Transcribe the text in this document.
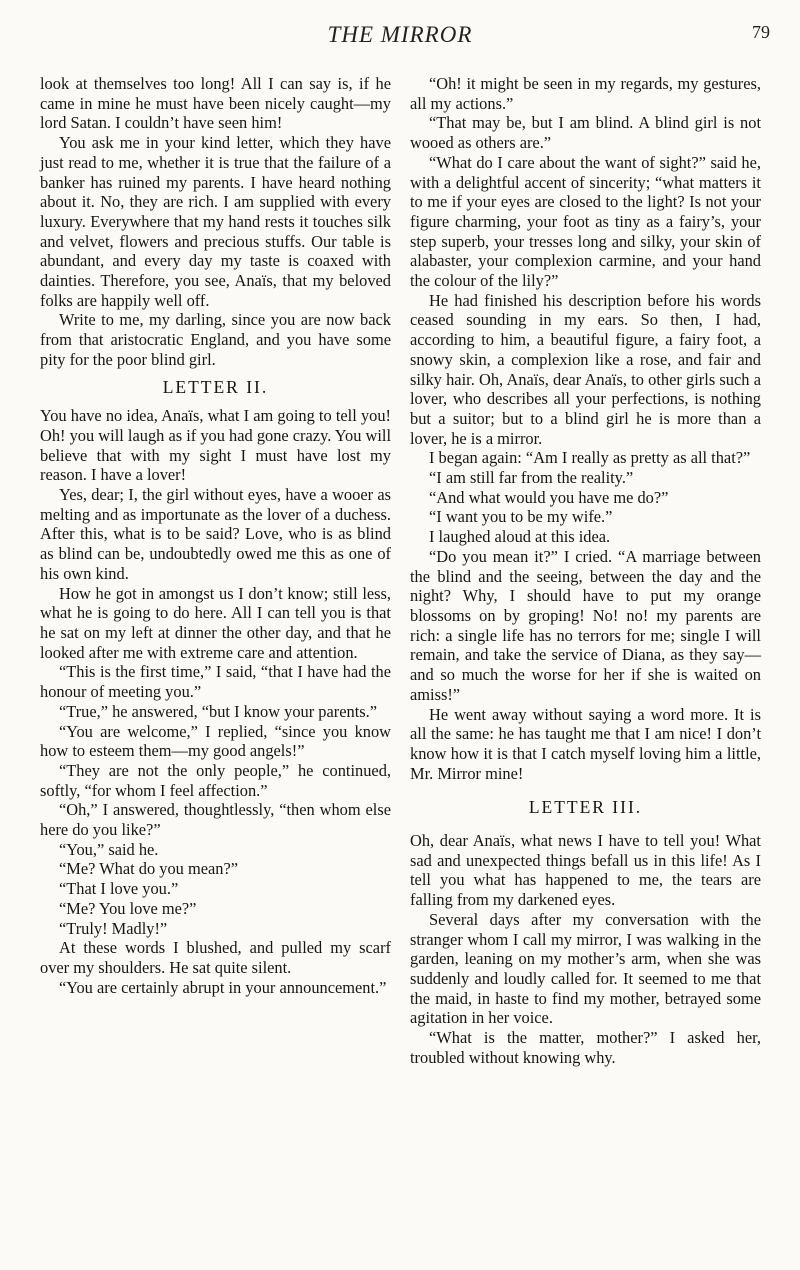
THE MIRROR	79

look at themselves too long! All I can say is, if he came in mine he must have been nicely caught—my lord Satan. I couldn’t have seen him!

You ask me in your kind letter, which they have just read to me, whether it is true that the failure of a banker has ruined my parents. I have heard nothing about it. No, they are rich. I am supplied with every luxury. Everywhere that my hand rests it touches silk and velvet, flowers and precious stuffs. Our table is abundant, and every day my taste is coaxed with dainties. Therefore, you see, Anaïs, that my beloved folks are happily well off.

Write to me, my darling, since you are now back from that aristocratic England, and you have some pity for the poor blind girl.

LETTER II.

You have no idea, Anaïs, what I am going to tell you! Oh! you will laugh as if you had gone crazy. You will believe that with my sight I must have lost my reason. I have a lover!

Yes, dear; I, the girl without eyes, have a wooer as melting and as importunate as the lover of a duchess. After this, what is to be said? Love, who is as blind as blind can be, undoubtedly owed me this as one of his own kind.

How he got in amongst us I don’t know; still less, what he is going to do here. All I can tell you is that he sat on my left at dinner the other day, and that he looked after me with extreme care and attention.

“This is the first time,” I said, “that I have had the honour of meeting you.”

“True,” he answered, “but I know your parents.”

“You are welcome,” I replied, “since you know how to esteem them—my good angels!”

“They are not the only people,” he continued, softly, “for whom I feel affection.”

“Oh,” I answered, thoughtlessly, “then whom else here do you like?”

“You,” said he.

“Me? What do you mean?”

“That I love you.”

“Me? You love me?”

“Truly! Madly!”

At these words I blushed, and pulled my scarf over my shoulders. He sat quite silent.

“You are certainly abrupt in your announcement.”

“Oh! it might be seen in my regards, my gestures, all my actions.”

“That may be, but I am blind. A blind girl is not wooed as others are.”

“What do I care about the want of sight?” said he, with a delightful accent of sincerity; “what matters it to me if your eyes are closed to the light? Is not your figure charming, your foot as tiny as a fairy’s, your step superb, your tresses long and silky, your skin of alabaster, your complexion carmine, and your hand the colour of the lily?”

He had finished his description before his words ceased sounding in my ears. So then, I had, according to him, a beautiful figure, a fairy foot, a snowy skin, a complexion like a rose, and fair and silky hair. Oh, Anaïs, dear Anaïs, to other girls such a lover, who describes all your perfections, is nothing but a suitor; but to a blind girl he is more than a lover, he is a mirror.

I began again: “Am I really as pretty as all that?”

“I am still far from the reality.”

“And what would you have me do?”

“I want you to be my wife.”

I laughed aloud at this idea.

“Do you mean it?” I cried. “A marriage between the blind and the seeing, between the day and the night? Why, I should have to put my orange blossoms on by groping! No! no! my parents are rich: a single life has no terrors for me; single I will remain, and take the service of Diana, as they say—and so much the worse for her if she is waited on amiss!”

He went away without saying a word more. It is all the same: he has taught me that I am nice! I don’t know how it is that I catch myself loving him a little, Mr. Mirror mine!

LETTER III.

Oh, dear Anaïs, what news I have to tell you! What sad and unexpected things befall us in this life! As I tell you what has happened to me, the tears are falling from my darkened eyes.

Several days after my conversation with the stranger whom I call my mirror, I was walking in the garden, leaning on my mother’s arm, when she was suddenly and loudly called for. It seemed to me that the maid, in haste to find my mother, betrayed some agitation in her voice.

“What is the matter, mother?” I asked her, troubled without knowing why.
